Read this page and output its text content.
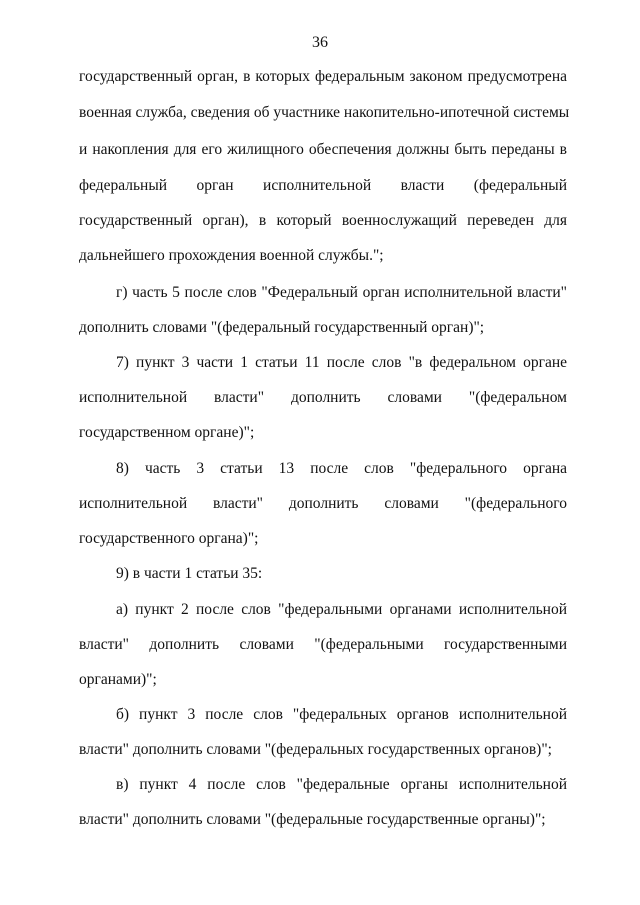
36
государственный орган, в которых федеральным законом предусмотрена
военная служба, сведения об участнике накопительно-ипотечной системы
и накопления для его жилищного обеспечения должны быть переданы в
федеральный орган исполнительной власти (федеральный
государственный орган), в который военнослужащий переведен для
дальнейшего прохождения военной службы.";
г) часть 5 после слов "Федеральный орган исполнительной власти"
дополнить словами "(федеральный государственный орган)";
7) пункт 3 части 1 статьи 11 после слов "в федеральном органе
исполнительной власти" дополнить словами "(федеральном
государственном органе)";
8) часть 3 статьи 13 после слов "федерального органа
исполнительной власти" дополнить словами "(федерального
государственного органа)";
9) в части 1 статьи 35:
а) пункт 2 после слов "федеральными органами исполнительной
власти" дополнить словами "(федеральными государственными
органами)";
б) пункт 3 после слов "федеральных органов исполнительной
власти" дополнить словами "(федеральных государственных органов)";
в) пункт 4 после слов "федеральные органы исполнительной
власти" дополнить словами "(федеральные государственные органы)";
